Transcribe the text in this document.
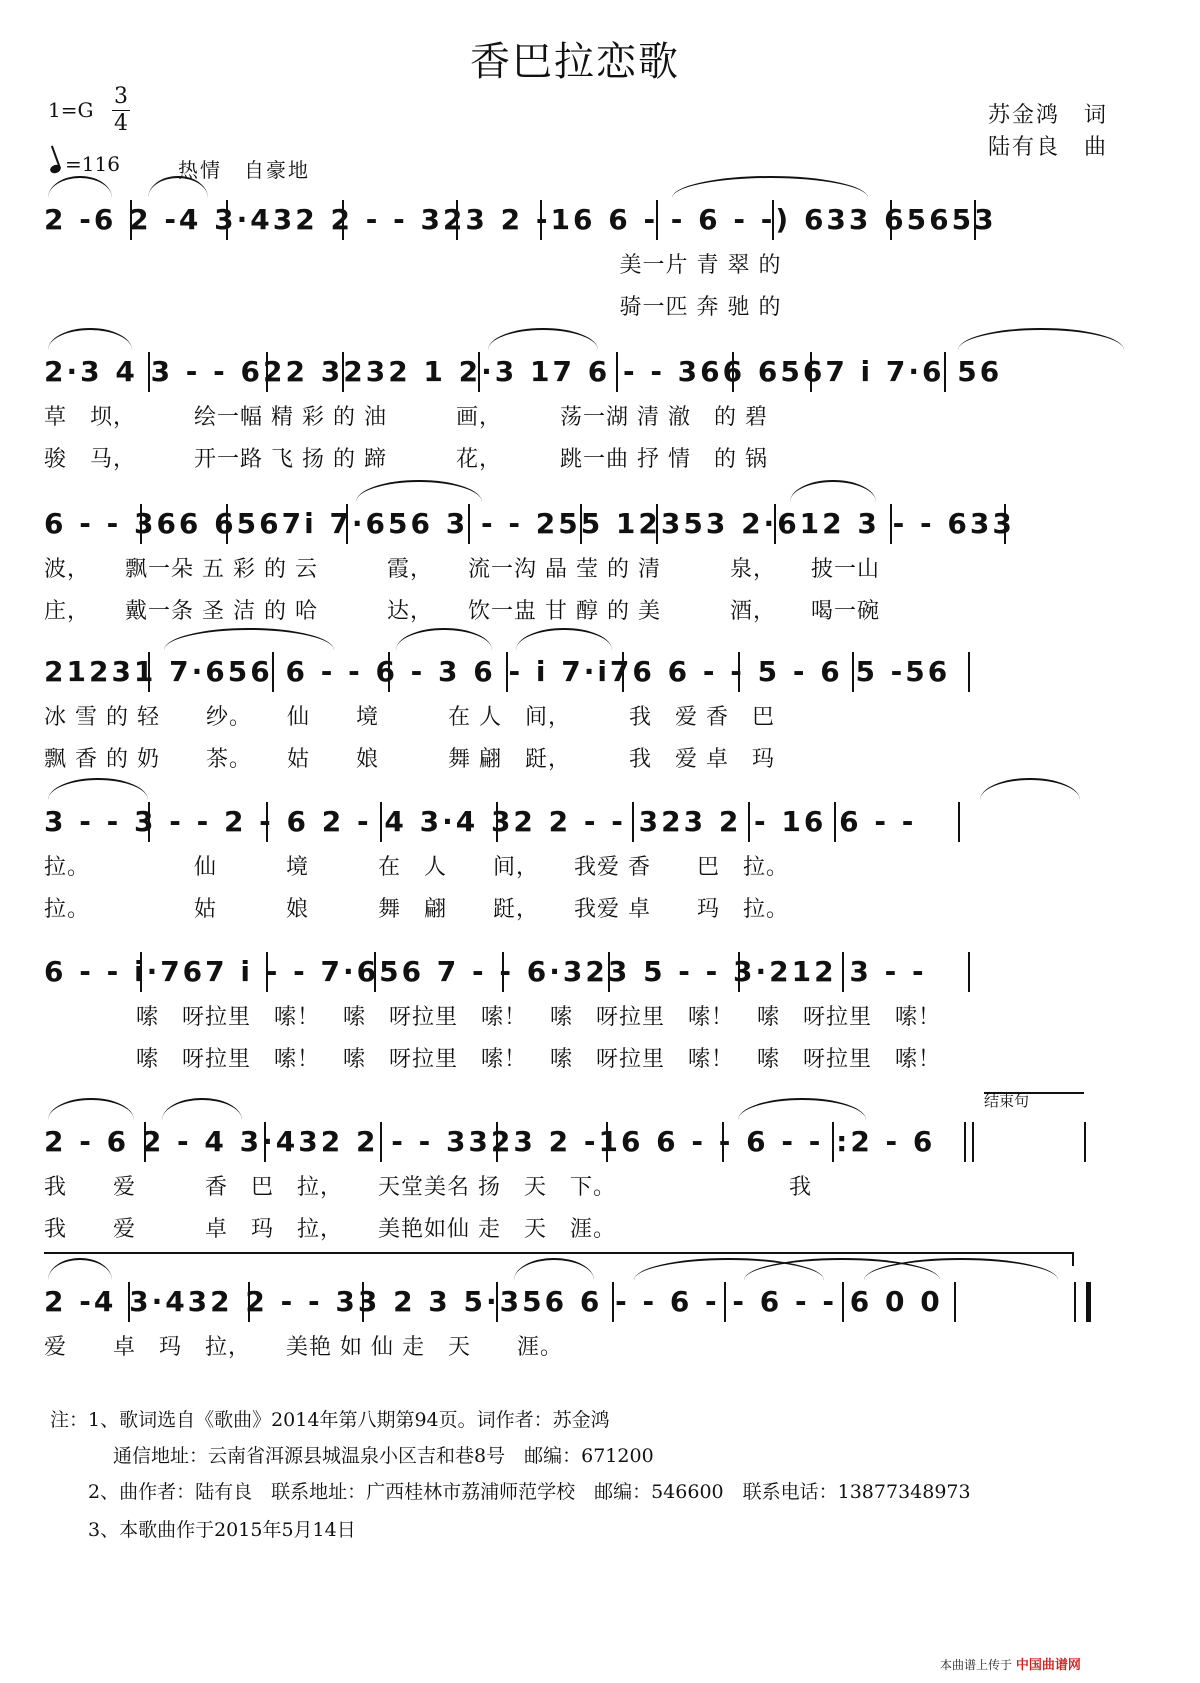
香巴拉恋歌
1=G
3
4
=116	热情　自豪地
苏金鸿　词
陆有良　曲
2 -6 2 -4 3·432 2 - - 323 2 -16 6 - - 6 - -) 633 65653
美一片 青 翠 的
骑一匹 奔 驰 的
2·3 4 3 - - 622 3232 1 2·3 17 6 - - 366 6567 i 7·6 56
草　坝，　　　绘一幅 精 彩 的 油　　　画，　　　荡一湖 清 澈　的 碧
骏　马，　　　开一路 飞 扬 的 蹄　　　花，　　　跳一曲 抒 情　的 锅
6 - - 366 6567i 7·656 3 - - 255 12353 2·612 3 - - 633
波，　　飘一朵 五 彩 的 云　　　霞，　　流一沟 晶 莹 的 清　　　泉，　　披一山
庄，　　戴一条 圣 洁 的 哈　　　达，　　饮一盅 甘 醇 的 美　　　酒，　　喝一碗
21231 7·656 6 - - 6 - 3 6 - i 7·i76 6 - - 5 - 6 5 -56
冰 雪 的 轻　　纱。　　仙　　境　　　在 人　间，　　　我　爱 香　巴
飘 香 的 奶　　茶。　　姑　　娘　　　舞 翩　跹，　　　我　爱 卓　玛
3 - - 3 - - 2 - 6 2 - 4 3·4 32 2 - - 323 2 - 16 6 - -
拉。　　　　　仙　　　境　　　在　人　　间，　　我爱 香　　巴　拉。
拉。　　　　　姑　　　娘　　　舞　翩　　跹，　　我爱 卓　　玛　拉。
6 - - i·767 i - - 7·656 7 - - 6·323 5 - - 3·212 3 - -
　　　　嗦　呀拉里　嗦！　嗦　呀拉里　嗦！　嗦　呀拉里　嗦！　嗦　呀拉里　嗦！
　　　　嗦　呀拉里　嗦！　嗦　呀拉里　嗦！　嗦　呀拉里　嗦！　嗦　呀拉里　嗦！
2 - 6 2 - 4 3·432 2 - - 3323 2 -16 6 - - 6 - - :2 - 6
结束句
我　　爱　　　香　巴　拉，　　天堂美名 扬　天　下。　　　　　　　　我
我　　爱　　　卓　玛　拉，　　美艳如仙 走　天　涯。
2 -4 3·432 2 - - 33 2 3 5·356 6 - - 6 - - 6 - - 6 0 0
爱　　卓　玛　拉，　　美艳 如 仙 走　天　　涯。
注：1、歌词选自《歌曲》2014年第八期第94页。词作者：苏金鸿
　　　 通信地址：云南省洱源县城温泉小区吉和巷8号　邮编：671200
　　2、曲作者：陆有良　联系地址：广西桂林市荔浦师范学校　邮编：546600　联系电话：13877348973
　　3、本歌曲作于2015年5月14日
本曲谱上传于 中国曲谱网
